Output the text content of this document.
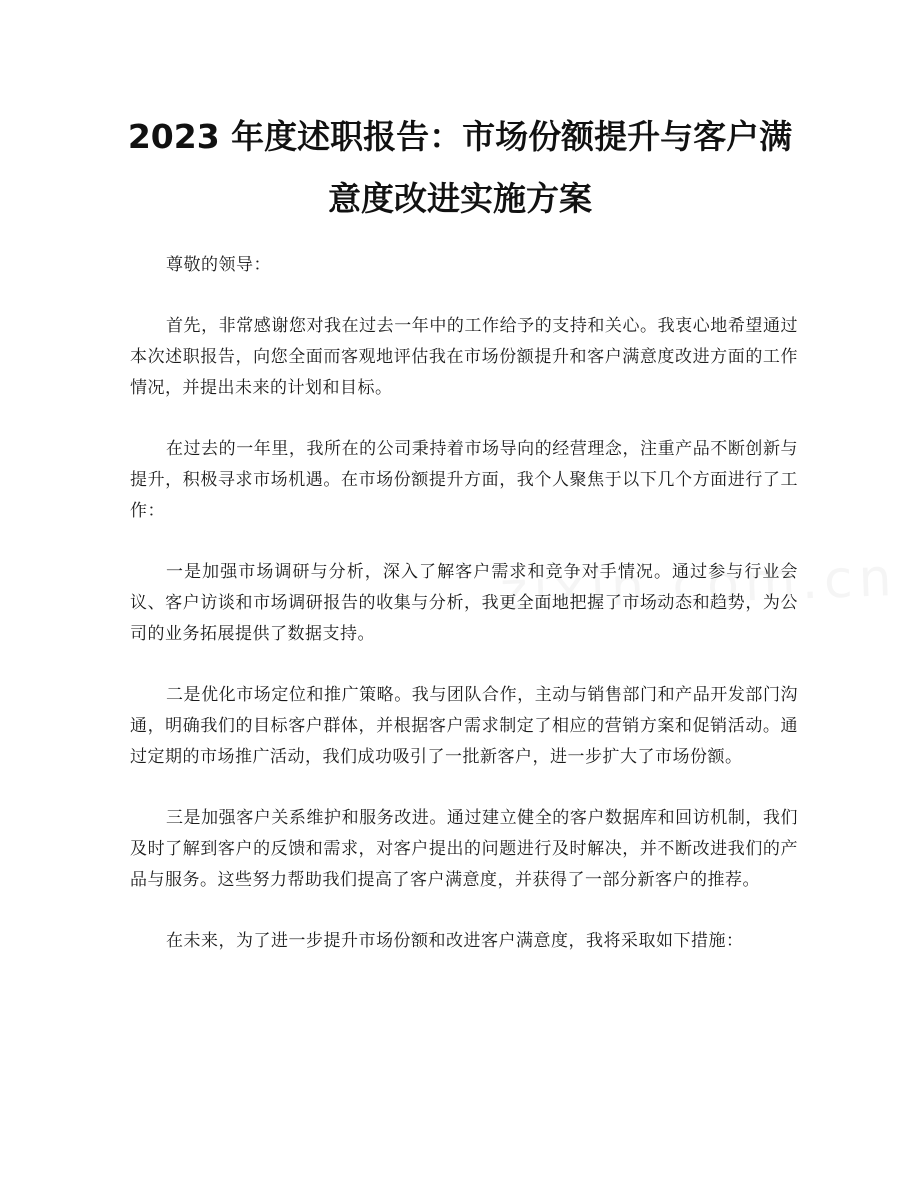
2023 年度述职报告：市场份额提升与客户满
意度改进实施方案

尊敬的领导：

首先，非常感谢您对我在过去一年中的工作给予的支持和关心。我衷心地希望通过本次述职报告，向您全面而客观地评估我在市场份额提升和客户满意度改进方面的工作情况，并提出未来的计划和目标。

在过去的一年里，我所在的公司秉持着市场导向的经营理念，注重产品不断创新与提升，积极寻求市场机遇。在市场份额提升方面，我个人聚焦于以下几个方面进行了工作：

一是加强市场调研与分析，深入了解客户需求和竞争对手情况。通过参与行业会议、客户访谈和市场调研报告的收集与分析，我更全面地把握了市场动态和趋势，为公司的业务拓展提供了数据支持。

二是优化市场定位和推广策略。我与团队合作，主动与销售部门和产品开发部门沟通，明确我们的目标客户群体，并根据客户需求制定了相应的营销方案和促销活动。通过定期的市场推广活动，我们成功吸引了一批新客户，进一步扩大了市场份额。

三是加强客户关系维护和服务改进。通过建立健全的客户数据库和回访机制，我们及时了解到客户的反馈和需求，对客户提出的问题进行及时解决，并不断改进我们的产品与服务。这些努力帮助我们提高了客户满意度，并获得了一部分新客户的推荐。

在未来，为了进一步提升市场份额和改进客户满意度，我将采取如下措施：
